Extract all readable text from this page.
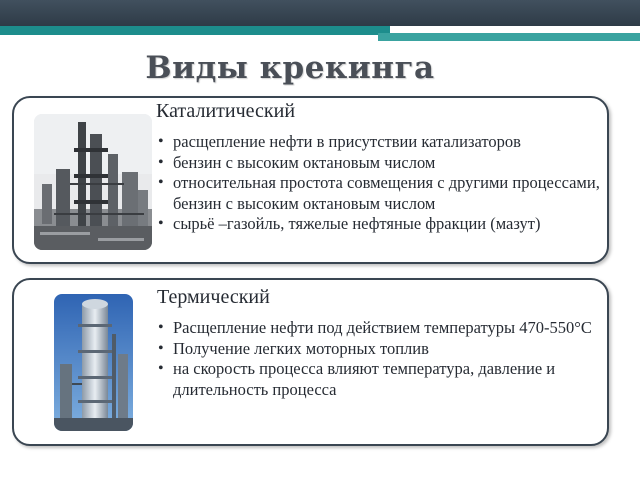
Виды крекинга
Каталитический
• расщепление нефти в присутствии катализаторов
• бензин с высоким октановым числом
• относительная простота совмещения с другими процессами, бензин с высоким октановым числом
• сырьё –газойль, тяжелые нефтяные фракции (мазут)
Термический
• Расщепление нефти под действием температуры 470-550°С
• Получение легких моторных топлив
• на скорость процесса влияют температура, давление и длительность процесса
